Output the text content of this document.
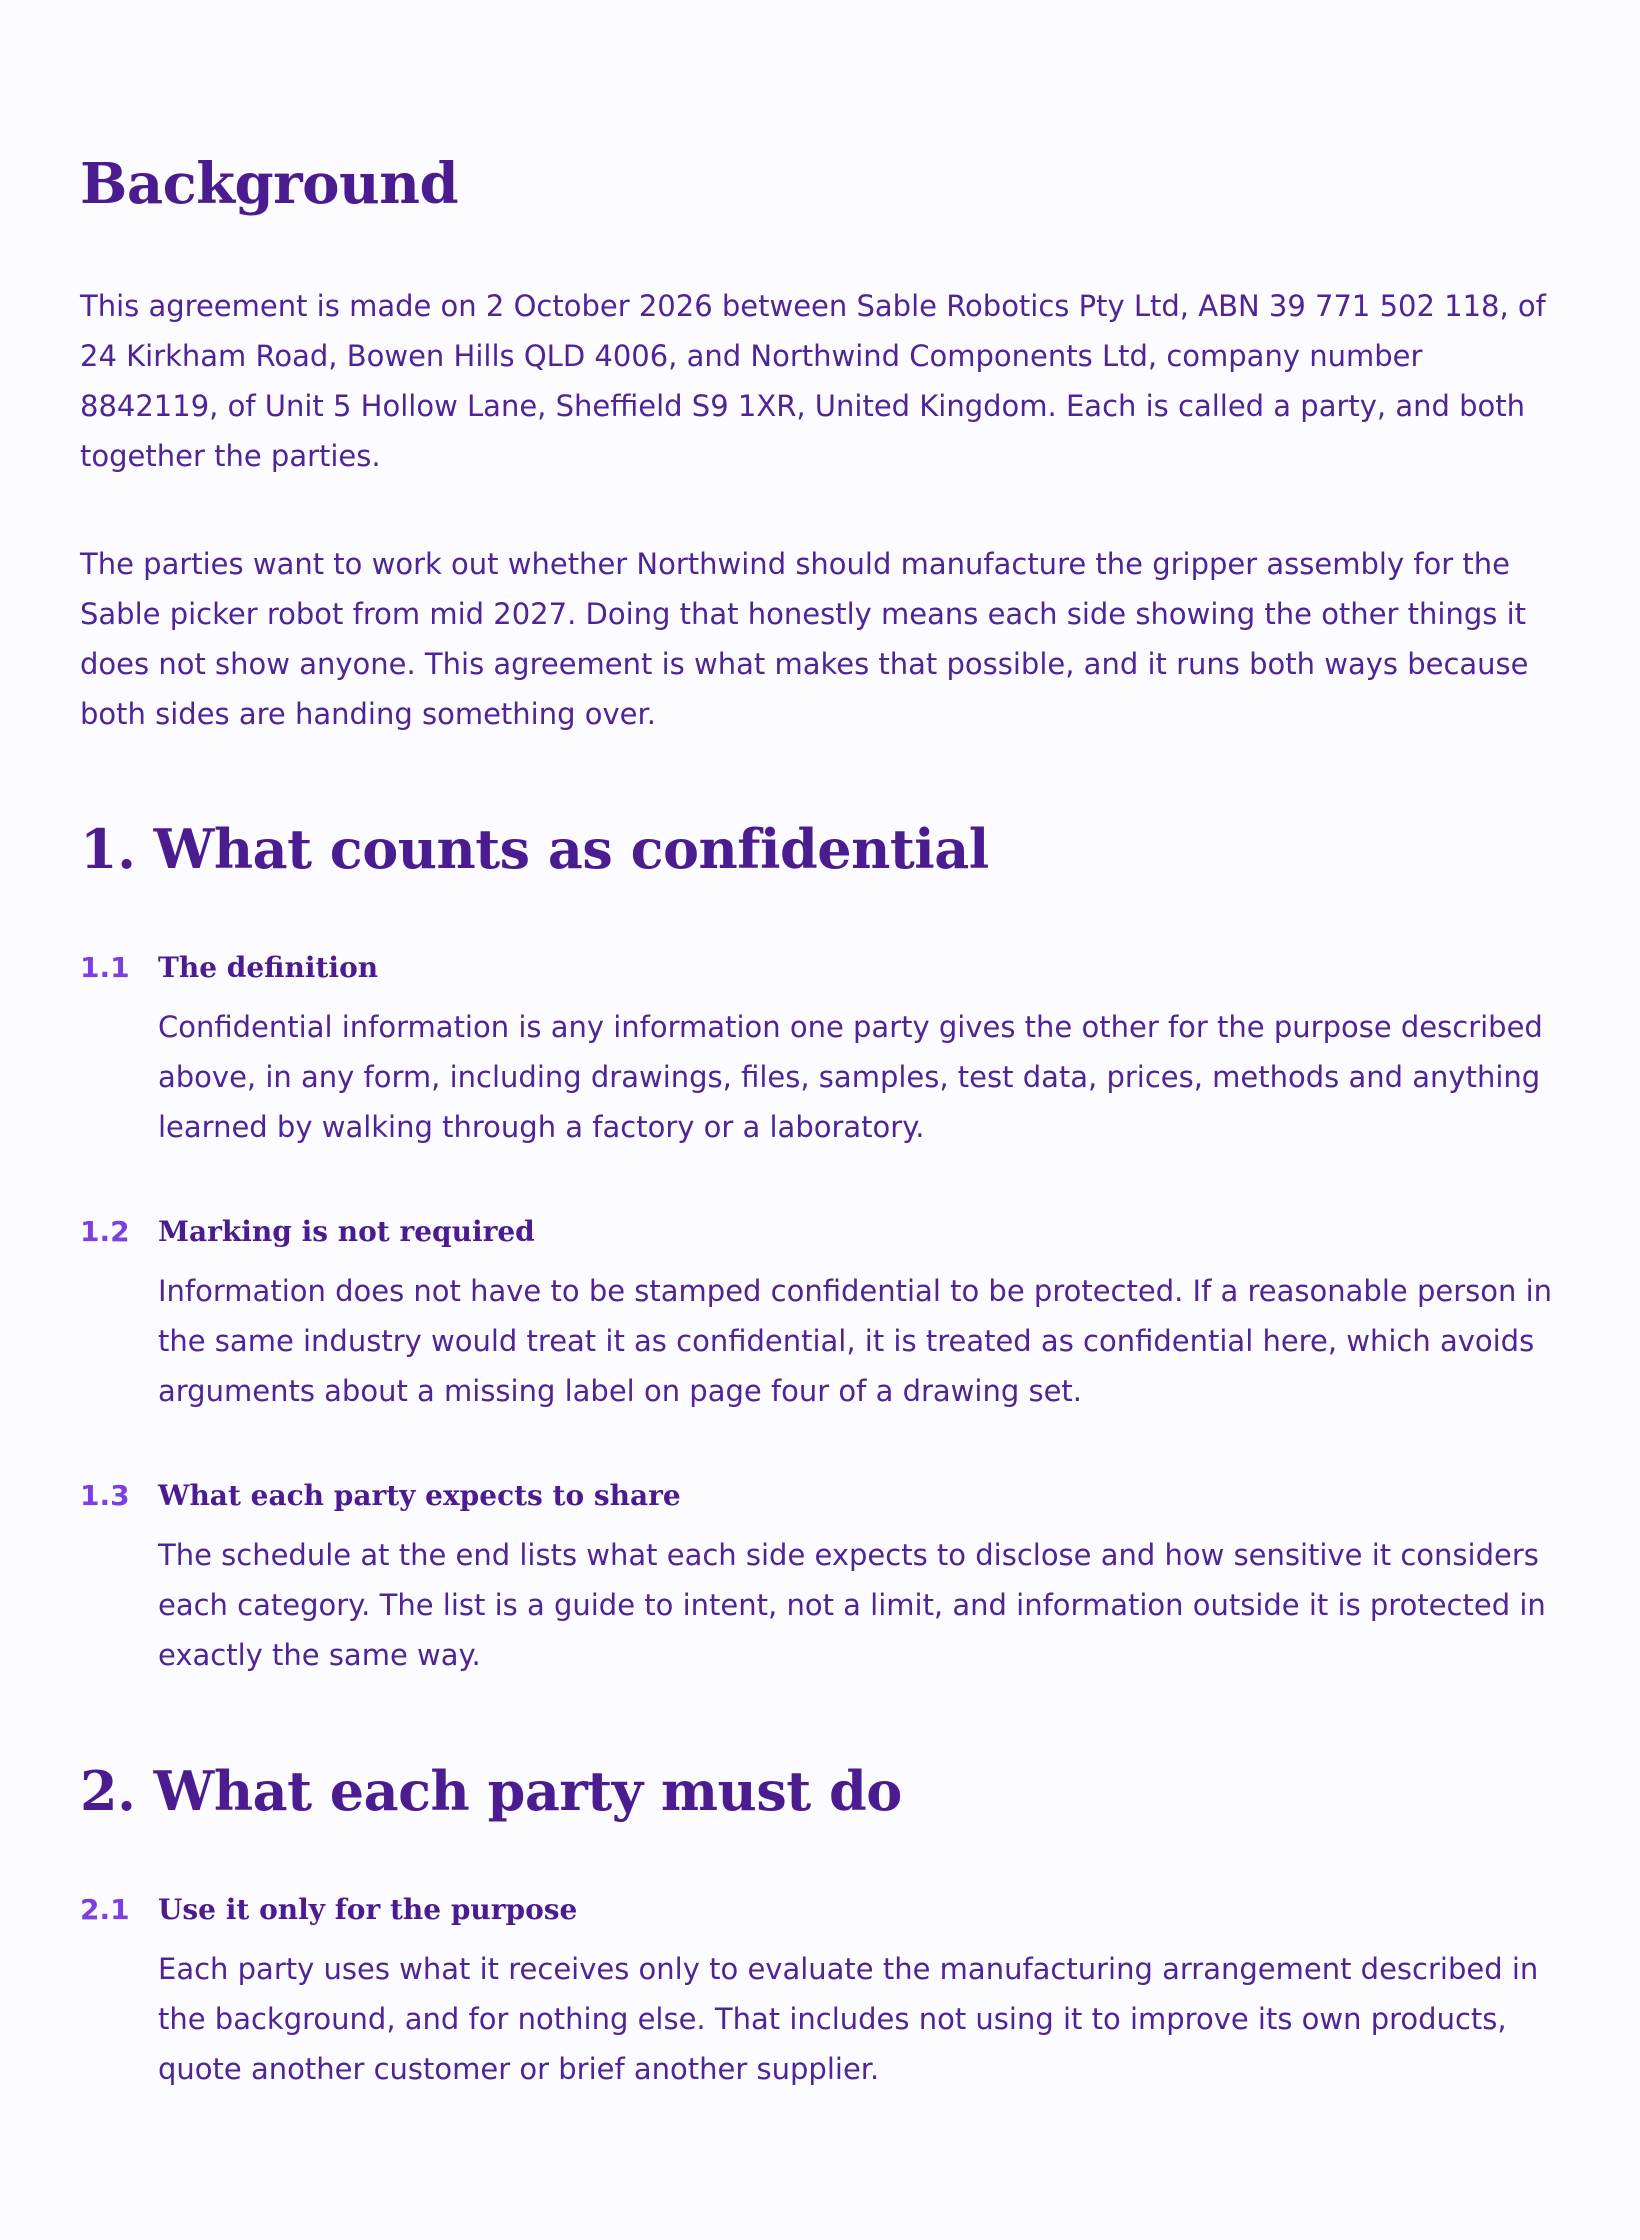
Background

This agreement is made on 2 October 2026 between Sable Robotics Pty Ltd, ABN 39 771 502 118, of 24 Kirkham Road, Bowen Hills QLD 4006, and Northwind Components Ltd, company number 8842119, of Unit 5 Hollow Lane, Sheffield S9 1XR, United Kingdom. Each is called a party, and both together the parties.

The parties want to work out whether Northwind should manufacture the gripper assembly for the Sable picker robot from mid 2027. Doing that honestly means each side showing the other things it does not show anyone. This agreement is what makes that possible, and it runs both ways because both sides are handing something over.

1. What counts as confidential
1.1 The definition

Confidential information is any information one party gives the other for the purpose described above, in any form, including drawings, files, samples, test data, prices, methods and anything learned by walking through a factory or a laboratory.

1.2 Marking is not required

Information does not have to be stamped confidential to be protected. If a reasonable person in the same industry would treat it as confidential, it is treated as confidential here, which avoids arguments about a missing label on page four of a drawing set.

1.3 What each party expects to share

The schedule at the end lists what each side expects to disclose and how sensitive it considers each category. The list is a guide to intent, not a limit, and information outside it is protected in exactly the same way.

2. What each party must do
2.1 Use it only for the purpose

Each party uses what it receives only to evaluate the manufacturing arrangement described in the background, and for nothing else. That includes not using it to improve its own products, quote another customer or brief another supplier.
